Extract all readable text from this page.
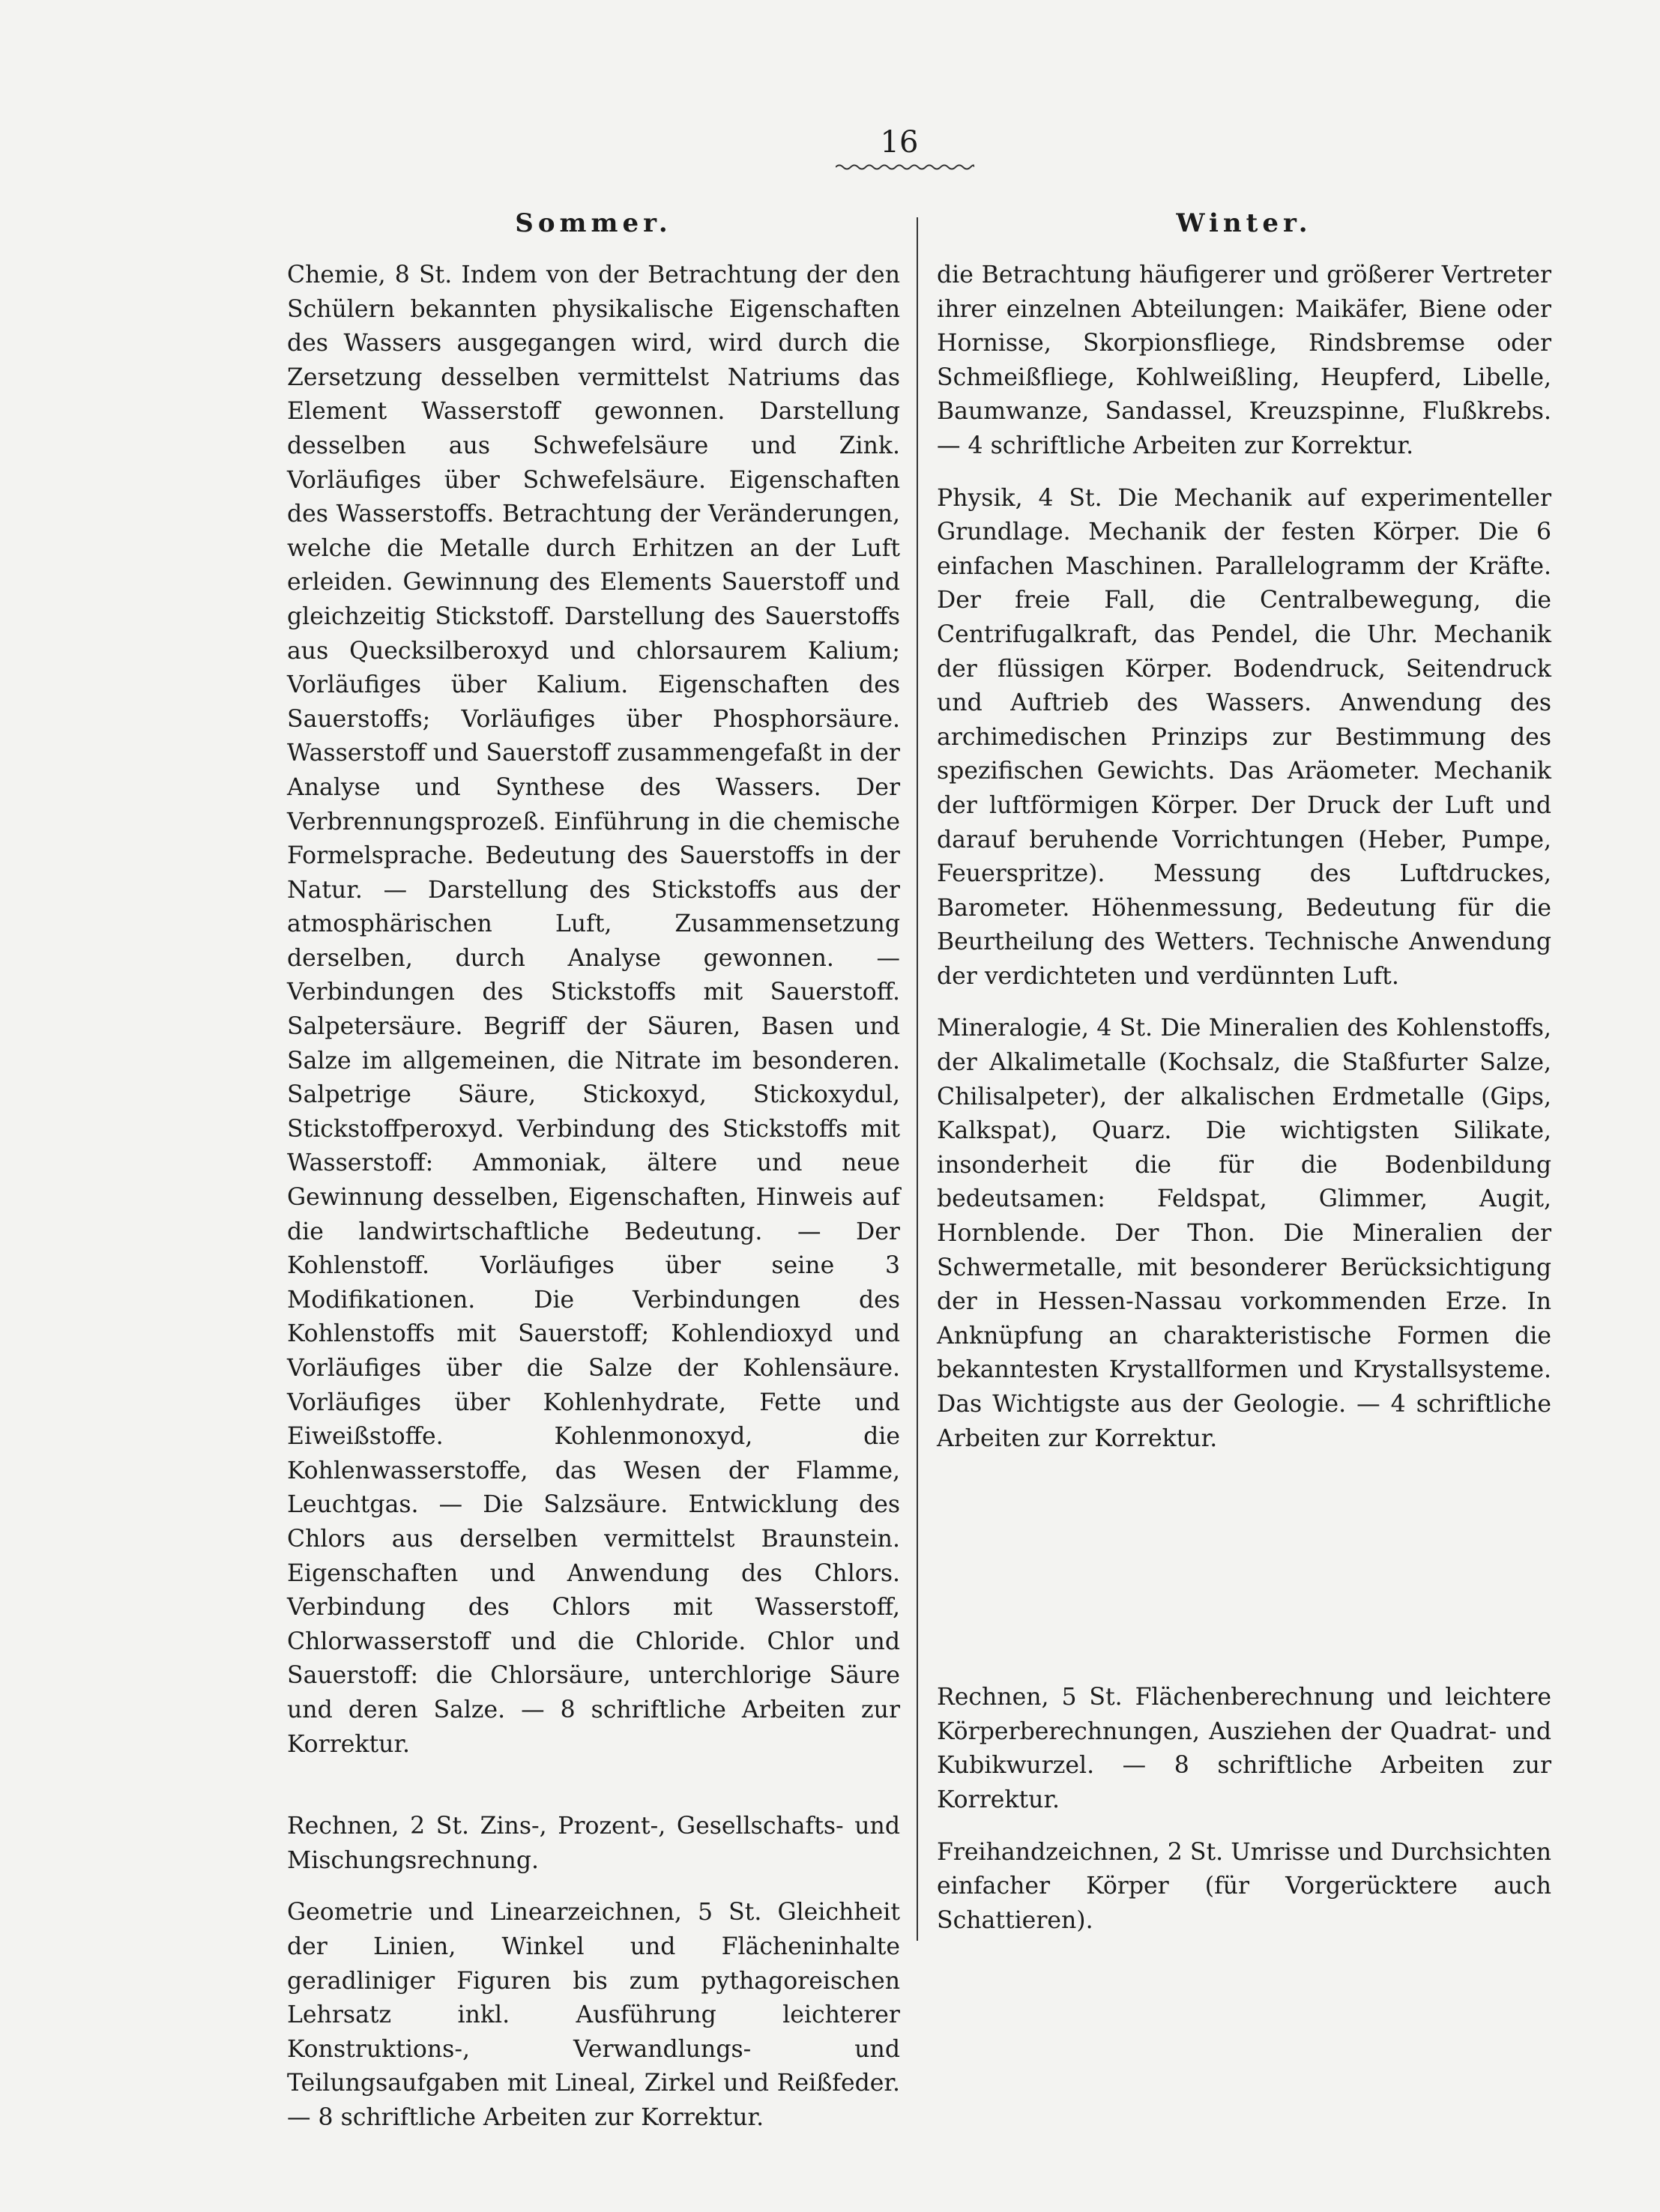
16
Sommer.

Chemie, 8 St. Indem von der Betrachtung der den Schülern bekannten physikalische Eigenschaften des Wassers ausgegangen wird, wird durch die Zersetzung desselben vermittelst Natriums das Element Wasserstoff gewonnen. Darstellung desselben aus Schwefelsäure und Zink. Vorläufiges über Schwefelsäure. Eigenschaften des Wasserstoffs. Betrachtung der Veränderungen, welche die Metalle durch Erhitzen an der Luft erleiden. Gewinnung des Elements Sauerstoff und gleichzeitig Stickstoff. Darstellung des Sauerstoffs aus Quecksilberoxyd und chlorsaurem Kalium; Vorläufiges über Kalium. Eigenschaften des Sauerstoffs; Vorläufiges über Phosphorsäure. Wasserstoff und Sauerstoff zusammengefaßt in der Analyse und Synthese des Wassers. Der Verbrennungsprozeß. Einführung in die chemische Formelsprache. Bedeutung des Sauerstoffs in der Natur. — Darstellung des Stickstoffs aus der atmosphärischen Luft, Zusammensetzung derselben, durch Analyse gewonnen. — Verbindungen des Stickstoffs mit Sauerstoff. Salpetersäure. Begriff der Säuren, Basen und Salze im allgemeinen, die Nitrate im besonderen. Salpetrige Säure, Stickoxyd, Stickoxydul, Stickstoffperoxyd. Verbindung des Stickstoffs mit Wasserstoff: Ammoniak, ältere und neue Gewinnung desselben, Eigenschaften, Hinweis auf die landwirtschaftliche Bedeutung. — Der Kohlenstoff. Vorläufiges über seine 3 Modifikationen. Die Verbindungen des Kohlenstoffs mit Sauerstoff; Kohlendioxyd und Vorläufiges über die Salze der Kohlensäure. Vorläufiges über Kohlenhydrate, Fette und Eiweißstoffe. Kohlenmonoxyd, die Kohlenwasserstoffe, das Wesen der Flamme, Leuchtgas. — Die Salzsäure. Entwicklung des Chlors aus derselben vermittelst Braunstein. Eigenschaften und Anwendung des Chlors. Verbindung des Chlors mit Wasserstoff, Chlorwasserstoff und die Chloride. Chlor und Sauerstoff: die Chlorsäure, unterchlorige Säure und deren Salze. — 8 schriftliche Arbeiten zur Korrektur.

Rechnen, 2 St. Zins-, Prozent-, Gesellschafts- und Mischungsrechnung.

Geometrie und Linearzeichnen, 5 St. Gleichheit der Linien, Winkel und Flächeninhalte geradliniger Figuren bis zum pythagoreischen Lehrsatz inkl. Ausführung leichterer Konstruktions-, Verwandlungs- und Teilungsaufgaben mit Lineal, Zirkel und Reißfeder. — 8 schriftliche Arbeiten zur Korrektur.

Winter.

die Betrachtung häufigerer und größerer Vertreter ihrer einzelnen Abteilungen: Maikäfer, Biene oder Hornisse, Skorpionsfliege, Rindsbremse oder Schmeißfliege, Kohlweißling, Heupferd, Libelle, Baumwanze, Sandassel, Kreuzspinne, Flußkrebs. — 4 schriftliche Arbeiten zur Korrektur.

Physik, 4 St. Die Mechanik auf experimenteller Grundlage. Mechanik der festen Körper. Die 6 einfachen Maschinen. Parallelogramm der Kräfte. Der freie Fall, die Centralbewegung, die Centrifugalkraft, das Pendel, die Uhr. Mechanik der flüssigen Körper. Bodendruck, Seitendruck und Auftrieb des Wassers. Anwendung des archimedischen Prinzips zur Bestimmung des spezifischen Gewichts. Das Aräometer. Mechanik der luftförmigen Körper. Der Druck der Luft und darauf beruhende Vorrichtungen (Heber, Pumpe, Feuerspritze). Messung des Luftdruckes, Barometer. Höhenmessung, Bedeutung für die Beurtheilung des Wetters. Technische Anwendung der verdichteten und verdünnten Luft.

Mineralogie, 4 St. Die Mineralien des Kohlenstoffs, der Alkalimetalle (Kochsalz, die Staßfurter Salze, Chilisalpeter), der alkalischen Erdmetalle (Gips, Kalkspat), Quarz. Die wichtigsten Silikate, insonderheit die für die Bodenbildung bedeutsamen: Feldspat, Glimmer, Augit, Hornblende. Der Thon. Die Mineralien der Schwermetalle, mit besonderer Berücksichtigung der in Hessen-Nassau vorkommenden Erze. In Anknüpfung an charakteristische Formen die bekanntesten Krystallformen und Krystallsysteme. Das Wichtigste aus der Geologie. — 4 schriftliche Arbeiten zur Korrektur.

Rechnen, 5 St. Flächenberechnung und leichtere Körperberechnungen, Ausziehen der Quadrat- und Kubikwurzel. — 8 schriftliche Arbeiten zur Korrektur.

Freihandzeichnen, 2 St. Umrisse und Durchsichten einfacher Körper (für Vorgerücktere auch Schattieren).
